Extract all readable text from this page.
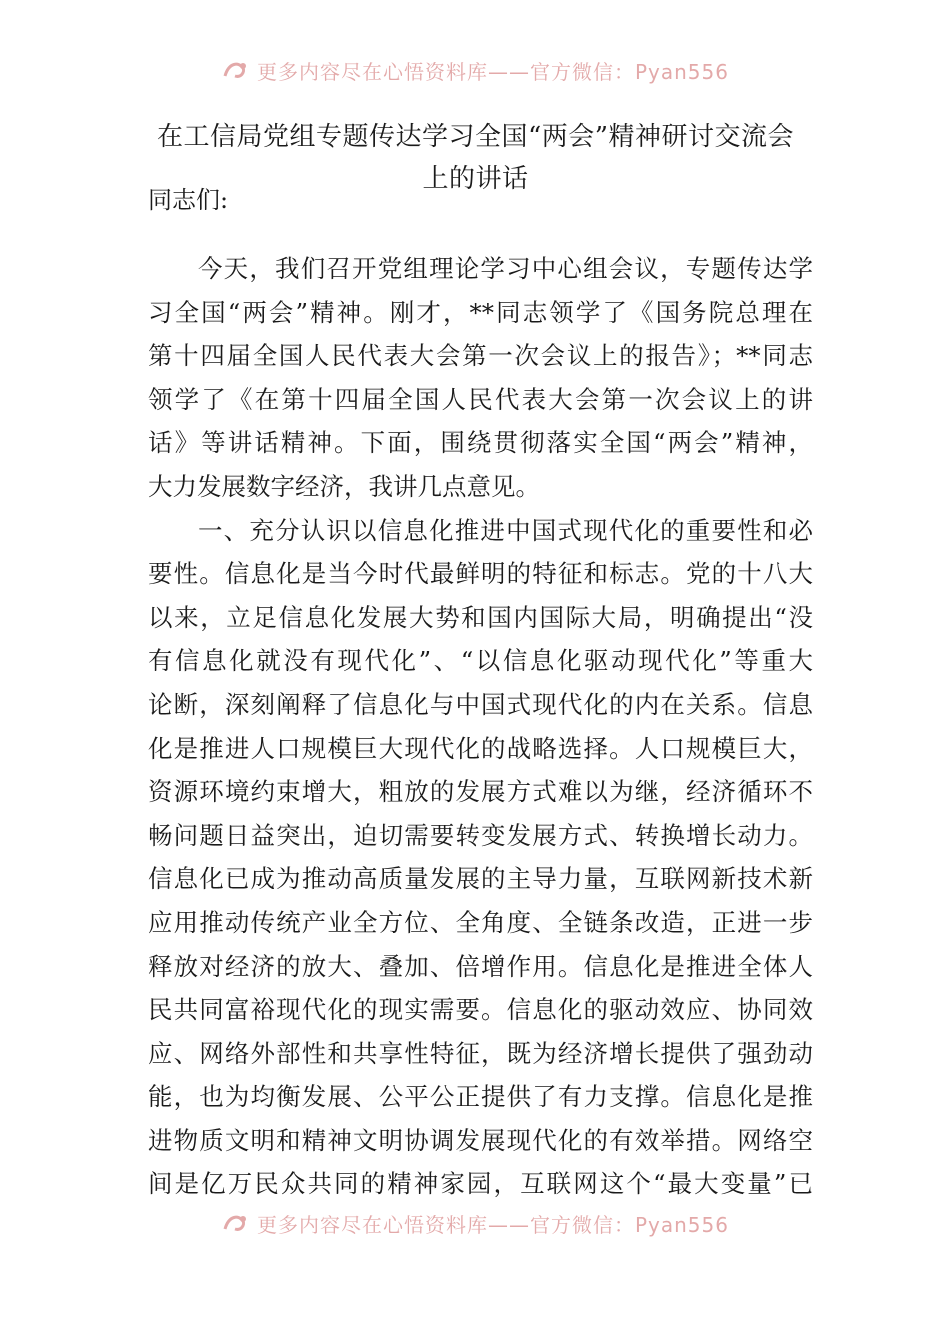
更多内容尽在心悟资料库——官方微信：Pyan556
在工信局党组专题传达学习全国“两会”精神研讨交流会
上的讲话
同志们:
今天，我们召开党组理论学习中心组会议，专题传达学
习全国“两会”精神。刚才，**同志领学了《国务院总理在
第十四届全国人民代表大会第一次会议上的报告》；**同志
领学了《在第十四届全国人民代表大会第一次会议上的讲
话》等讲话精神。下面，围绕贯彻落实全国“两会”精神，
大力发展数字经济，我讲几点意见。
一、充分认识以信息化推进中国式现代化的重要性和必
要性。信息化是当今时代最鲜明的特征和标志。党的十八大
以来，立足信息化发展大势和国内国际大局，明确提出“没
有信息化就没有现代化”、“以信息化驱动现代化”等重大
论断，深刻阐释了信息化与中国式现代化的内在关系。信息
化是推进人口规模巨大现代化的战略选择。人口规模巨大，
资源环境约束增大，粗放的发展方式难以为继，经济循环不
畅问题日益突出，迫切需要转变发展方式、转换增长动力。
信息化已成为推动高质量发展的主导力量，互联网新技术新
应用推动传统产业全方位、全角度、全链条改造，正进一步
释放对经济的放大、叠加、倍增作用。信息化是推进全体人
民共同富裕现代化的现实需要。信息化的驱动效应、协同效
应、网络外部性和共享性特征，既为经济增长提供了强劲动
能，也为均衡发展、公平公正提供了有力支撑。信息化是推
进物质文明和精神文明协调发展现代化的有效举措。网络空
间是亿万民众共同的精神家园，互联网这个“最大变量”已
更多内容尽在心悟资料库——官方微信：Pyan556
